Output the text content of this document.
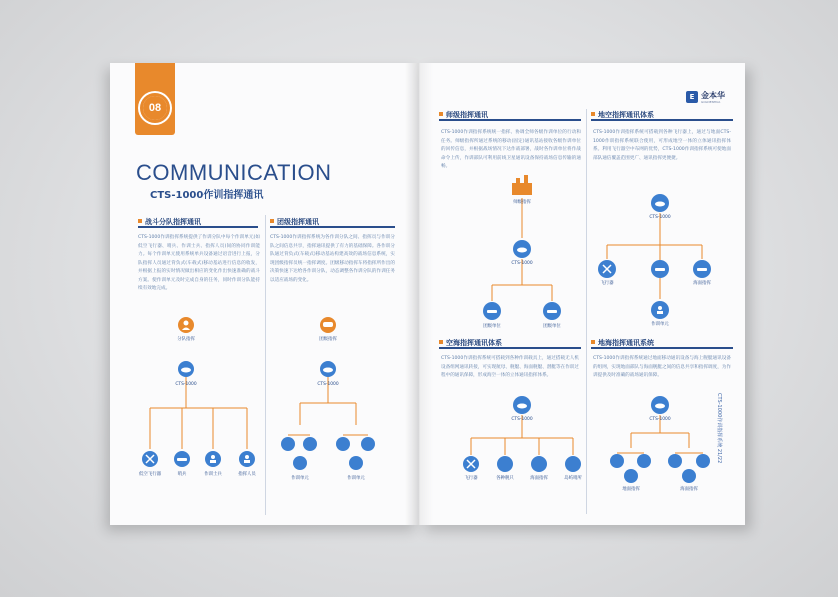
08
COMMUNICATION
CTS-1000作训指挥通讯
战斗分队指挥通讯
CTS-1000作训指挥系统提供了作训分队中每个作训单元(如低空飞行器、哨兵、作训士兵、指挥人员)间的协同作训能力。每个作训单元使用系统单兵设备通过语音进行上报，分队指挥人员通过背负式(车载式)移动基站进行信息的收发，并根据上报的实时情况做出相应的变化作出快速准确的战斗方案。使作训单元及时完成自身的任务，同时作训分队能持续有效地完成。
团级指挥通讯
CTS-1000作训指挥系统为各作训分队之间、指挥员与作训分队之间信息共享，指挥通讯提供了有力的基础保障。各作训分队通过背负式(车载式)移动基站构建高效的战场信息系统，实现团级指挥员统一指挥调度。团级移动指挥车将指挥所作出的决策快速下达给各作训分队，动态调整各作训分队的作训任务以适应战场的变化。
分队指挥
CTS-1000
低空飞行器	哨兵	作训士兵	指挥人员
团级指挥
CTS-1000
作训单元	作训单元
E 金本华
GOLDENHUA
师级指挥通讯
CTS-1000作训指挥系统统一指挥、协调全师各级作训单位的行动和任务。师级指挥所通过系统的移动(固定)通讯基站接收各级作训单位的回传信息，并根据战场情况下达作战部署，战时各作训单位将作战命令上传，作训部队可利用前线卫星通讯设备保持战场信息传输的通畅。
地空指挥通讯体系
CTS-1000作训指挥系统可搭载到各种飞行器上，通过与地面CTS-1000作训指挥系统联合使用，可形成地空一体的立体通讯指挥体系。利用飞行器空中布网的优势，CTS-1000作训指挥系统可使地面部队通信覆盖范围更广、通讯指挥更便捷。
空海指挥通讯体系
CTS-1000作训指挥系统可搭载到各种作训载具上，通过搭载无人机设备组网通讯转接，可实现航母、舰艇、海面舰艇、潜艇等在作训过程中的通讯保障，形成海空一体的立体通讯指挥体系。
地海指挥通讯系统
CTS-1000作训指挥系统通过地面移动通讯设备与海上舰艇通讯设备的组网，实现地面部队与海面舰艇之间的信息共享和指挥调度，为作训提供及时准确的战场通讯保障。
师级指挥
CTS-1000
团级单位	团级单位
CTS-1000
飞行器	海面指挥
作训单元
CTS-1000
飞行器	各种舰只	海面指挥	岛屿哨所
CTS-1000
地面指挥	海面指挥
CTS-1000作训指挥系统 21/22
